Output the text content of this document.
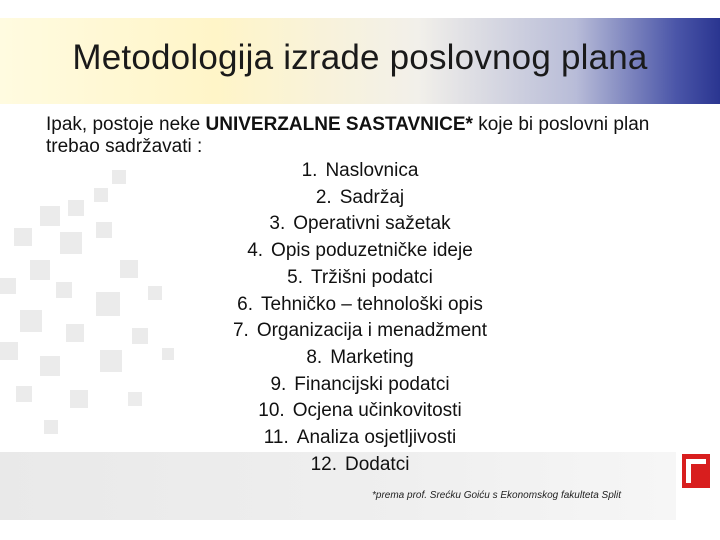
Metodologija izrade poslovnog plana
Ipak, postoje neke UNIVERZALNE SASTAVNICE* koje bi poslovni plan trebao sadržavati :
1. Naslovnica
2. Sadržaj
3. Operativni sažetak
4. Opis poduzetničke ideje
5. Tržišni podatci
6. Tehničko – tehnološki opis
7. Organizacija i menadžment
8. Marketing
9. Financijski podatci
10. Ocjena učinkovitosti
11. Analiza osjetljivosti
12. Dodatci
*prema prof. Srećku Goiću s Ekonomskog fakulteta Split
